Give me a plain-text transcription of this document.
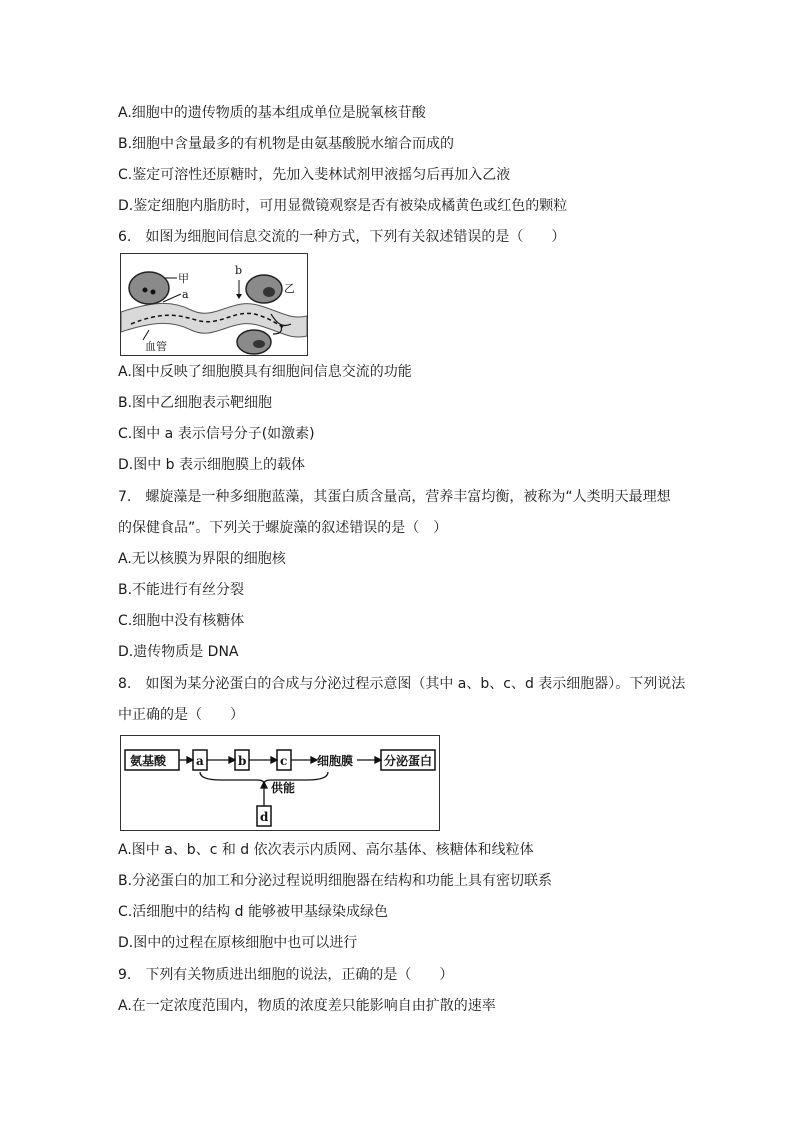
A.细胞中的遗传物质的基本组成单位是脱氧核苷酸
B.细胞中含量最多的有机物是由氨基酸脱水缩合而成的
C.鉴定可溶性还原糖时，先加入斐林试剂甲液摇匀后再加入乙液
D.鉴定细胞内脂肪时，可用显微镜观察是否有被染成橘黄色或红色的颗粒
6.　如图为细胞间信息交流的一种方式，下列有关叙述错误的是（　　）
甲
a
b
乙
血管
A.图中反映了细胞膜具有细胞间信息交流的功能
B.图中乙细胞表示靶细胞
C.图中 a 表示信号分子(如激素)
D.图中 b 表示细胞膜上的载体
7.　螺旋藻是一种多细胞蓝藻，其蛋白质含量高，营养丰富均衡，被称为“人类明天最理想
的保健食品”。下列关于螺旋藻的叙述错误的是（　）
A.无以核膜为界限的细胞核
B.不能进行有丝分裂
C.细胞中没有核糖体
D.遗传物质是 DNA
8.　如图为某分泌蛋白的合成与分泌过程示意图（其中 a、b、c、d 表示细胞器）。下列说法
中正确的是（　　）
氨基酸 a	b	c 细胞膜	分泌蛋白
供能
d
A.图中 a、b、c 和 d 依次表示内质网、高尔基体、核糖体和线粒体
B.分泌蛋白的加工和分泌过程说明细胞器在结构和功能上具有密切联系
C.活细胞中的结构 d 能够被甲基绿染成绿色
D.图中的过程在原核细胞中也可以进行
9.　下列有关物质进出细胞的说法，正确的是（　　）
A.在一定浓度范围内，物质的浓度差只能影响自由扩散的速率
